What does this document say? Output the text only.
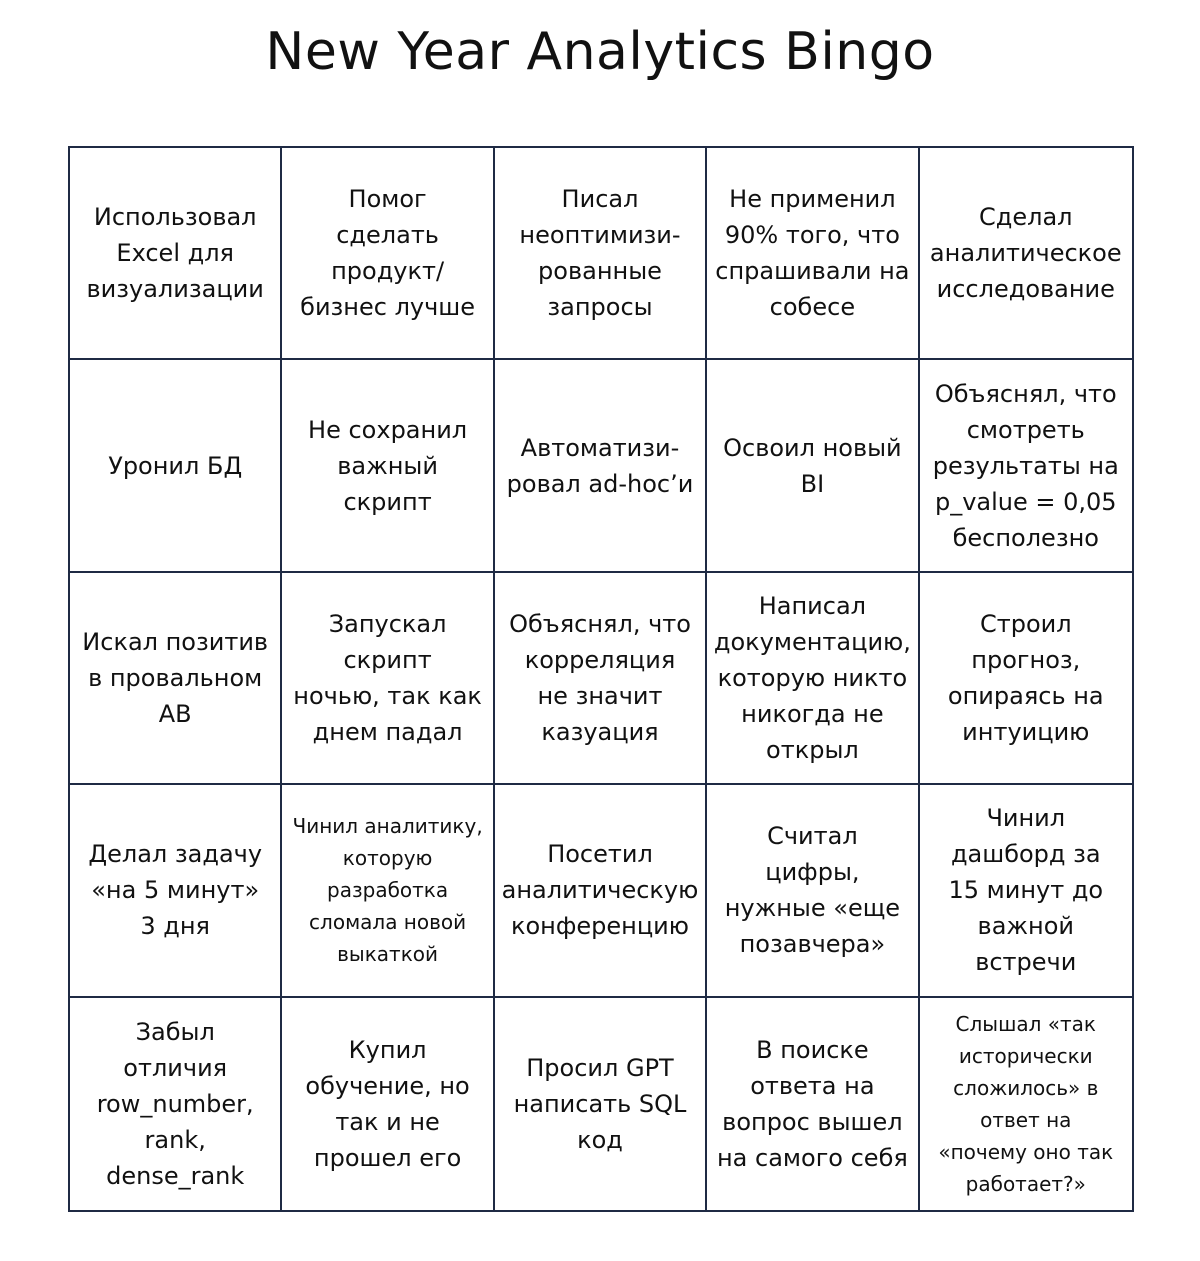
New Year Analytics Bingo
Использовал
Excel для
визуализации
Помог
сделать
продукт/
бизнес лучше
Писал
неоптимизи-
рованные
запросы
Не применил
90% того, что
спрашивали на
собесе
Сделал
аналитическое
исследование
Уронил БД
Не сохранил
важный
скрипт
Автоматизи-
ровал ad-hoc’и
Освоил новый
BI
Объяснял, что
смотреть
результаты на
p_value = 0,05
бесполезно
Искал позитив
в провальном
АВ
Запускал
скрипт
ночью, так как
днем падал
Объяснял, что
корреляция
не значит
казуация
Написал
документацию,
которую никто
никогда не
открыл
Строил
прогноз,
опираясь на
интуицию
Делал задачу
«на 5 минут»
3 дня
Чинил аналитику,
которую
разработка
сломала новой
выкаткой
Посетил
аналитическую
конференцию
Считал
цифры,
нужные «еще
позавчера»
Чинил
дашборд за
15 минут до
важной
встречи
Забыл
отличия
row_number,
rank,
dense_rank
Купил
обучение, но
так и не
прошел его
Просил GPT
написать SQL
код
В поиске
ответа на
вопрос вышел
на самого себя
Слышал «так
исторически
сложилось» в
ответ на
«почему оно так
работает?»
